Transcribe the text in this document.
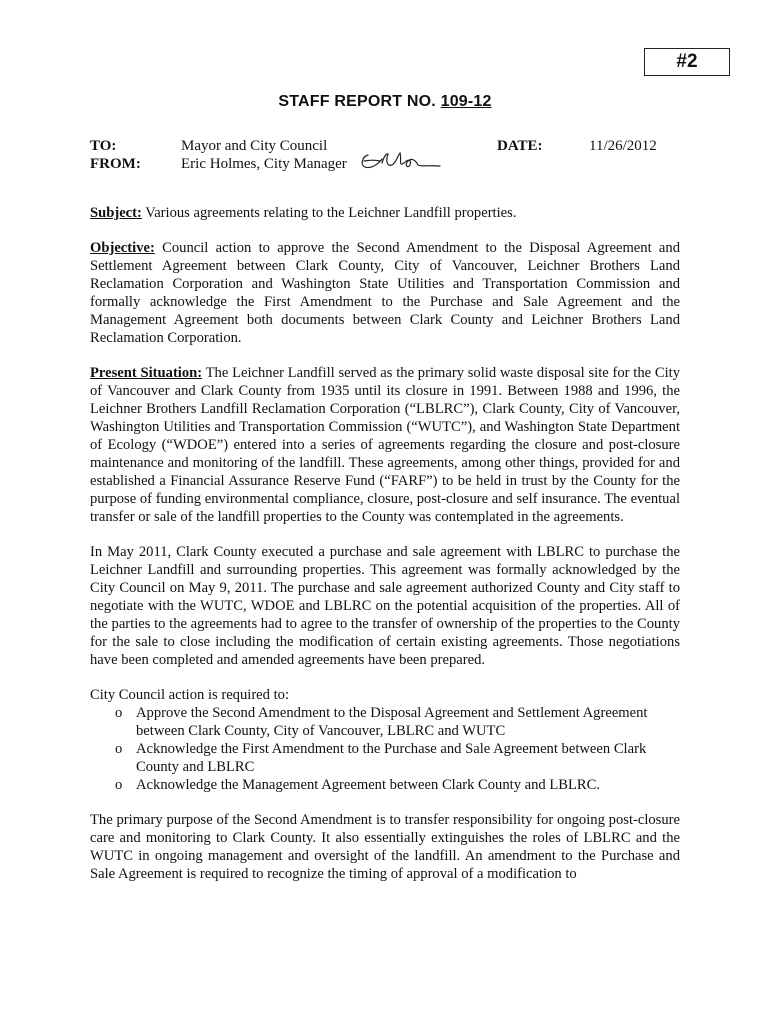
#2
STAFF REPORT NO. 109-12
TO:	Mayor and City Council	DATE:	11/26/2012
FROM:	Eric Holmes, City Manager

Subject: Various agreements relating to the Leichner Landfill properties.

Objective: Council action to approve the Second Amendment to the Disposal Agreement and Settlement Agreement between Clark County, City of Vancouver, Leichner Brothers Land Reclamation Corporation and Washington State Utilities and Transportation Commission and formally acknowledge the First Amendment to the Purchase and Sale Agreement and the Management Agreement both documents between Clark County and Leichner Brothers Land Reclamation Corporation.

Present Situation: The Leichner Landfill served as the primary solid waste disposal site for the City of Vancouver and Clark County from 1935 until its closure in 1991. Between 1988 and 1996, the Leichner Brothers Landfill Reclamation Corporation (“LBLRC”), Clark County, City of Vancouver, Washington Utilities and Transportation Commission (“WUTC”), and Washington State Department of Ecology (“WDOE”) entered into a series of agreements regarding the closure and post-closure maintenance and monitoring of the landfill. These agreements, among other things, provided for and established a Financial Assurance Reserve Fund (“FARF”) to be held in trust by the County for the purpose of funding environmental compliance, closure, post-closure and self insurance. The eventual transfer or sale of the landfill properties to the County was contemplated in the agreements.

In May 2011, Clark County executed a purchase and sale agreement with LBLRC to purchase the Leichner Landfill and surrounding properties. This agreement was formally acknowledged by the City Council on May 9, 2011. The purchase and sale agreement authorized County and City staff to negotiate with the WUTC, WDOE and LBLRC on the potential acquisition of the properties. All of the parties to the agreements had to agree to the transfer of ownership of the properties to the County for the sale to close including the modification of certain existing agreements. Those negotiations have been completed and amended agreements have been prepared.

City Council action is required to:

o Approve the Second Amendment to the Disposal Agreement and Settlement Agreement between Clark County, City of Vancouver, LBLRC and WUTC
o Acknowledge the First Amendment to the Purchase and Sale Agreement between Clark County and LBLRC
o Acknowledge the Management Agreement between Clark County and LBLRC.

The primary purpose of the Second Amendment is to transfer responsibility for ongoing post-closure care and monitoring to Clark County. It also essentially extinguishes the roles of LBLRC and the WUTC in ongoing management and oversight of the landfill. An amendment to the Purchase and Sale Agreement is required to recognize the timing of approval of a modification to
